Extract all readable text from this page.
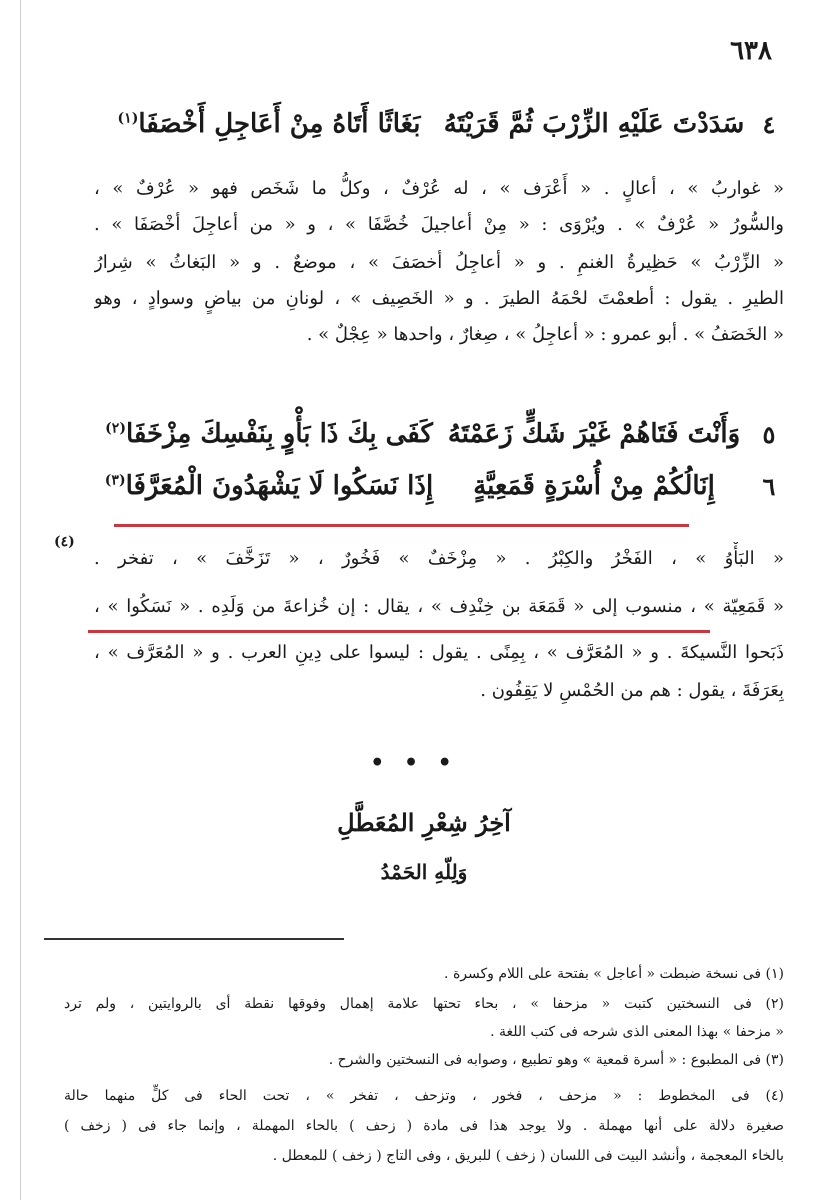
٦٣٨
٤
سَدَدْتَ عَلَيْهِ الزِّرْبَ ثُمَّ قَرَيْتَهُ
بَغَاثًا أَتَاهُ مِنْ أَعَاجِلِ أَخْصَفَا$^{(١)}$
« غواربُ » ، أعالٍ . « أَعْرَف » ، له عُرْفٌ ، وكلُّ ما شَخَص فهو « عُرْفٌ » ،
والسُّورُ « عُرْفٌ » . ويُرْوَى : « مِنْ أعاجيلَ خُصَّفَا » ، و « من أعاجِلَ أخْصَفَا » .
« الزِّرْبُ » حَظِيرةُ الغنمِ . و « أعاجِلُ أخصَفَ » ، موضعٌ . و « البَغاثُ » شِرارُ
الطيرِ . يقول : أطعمْتَ لحْمَهُ الطيرَ . و « الخَصِيف » ، لونانِ من بياضٍ وسوادٍ ، وهو
« الخَصَفُ » . أبو عمرو : « أعاجِلُ » ، صِغارٌ ، واحدها « عِجْلٌ » .
٥
وَأَنْتَ فَتَاهُمْ غَيْرَ شَكٍّ زَعَمْتَهُ
كَفَى بِكَ ذَا بَأْوٍ بِنَفْسِكَ مِزْخَفَا$^{(٢)}$
٦
إِنَالُكُمْ مِنْ أُسْرَةٍ قَمَعِيَّةٍ
إِذَا نَسَكُوا لَا يَشْهَدُونَ الْمُعَرَّفَا$^{(٣)}$
« البَأْوُ » ، الفَخْرُ والكِبْرُ . « مِزْخَفٌ » فَخُورٌ ، « تَزَخَّفَ » ، تفخر .
(٤)
« قَمَعِيّة » ، منسوب إلى « قَمَعَة بن خِنْدِف » ، يقال : إن خُزاعةَ من وَلَدِه . « نَسَكُوا » ،
ذَبَحوا النَّسيكةَ . و « المُعَرَّف » ، بِمِنًى . يقول : ليسوا على دِينِ العرب . و « المُعَرَّف » ،
بِعَرَفَةَ ، يقول : هم من الحُمْسِ لا يَقِفُون .
• • •
آخِرُ شِعْرِ المُعَطَّلِ
وَلِلّهِ الحَمْدُ
(١) فى نسخة ضبطت « أعاجل » بفتحة على اللام وكسرة .
(٢) فى النسختين كتبت « مزحفا » ، بحاء تحتها علامة إهمال وفوقها نقطة أى بالروايتين ، ولم ترد
« مزحفا » بهذا المعنى الذى شرحه فى كتب اللغة .
(٣) فى المطبوع : « أسرة قمعية » وهو تطبيع ، وصوابه فى النسختين والشرح .
(٤) فى المخطوط : « مزحف ، فخور ، وتزحف ، تفخر » ، تحت الحاء فى كلٍّ منهما حالة
صغيرة دلالة على أنها مهملة . ولا يوجد هذا فى مادة ( زحف ) بالحاء المهملة ، وإنما جاء فى ( زخف )
بالخاء المعجمة ، وأنشد البيت فى اللسان ( زخف ) للبريق ، وفى التاج ( زخف ) للمعطل .
